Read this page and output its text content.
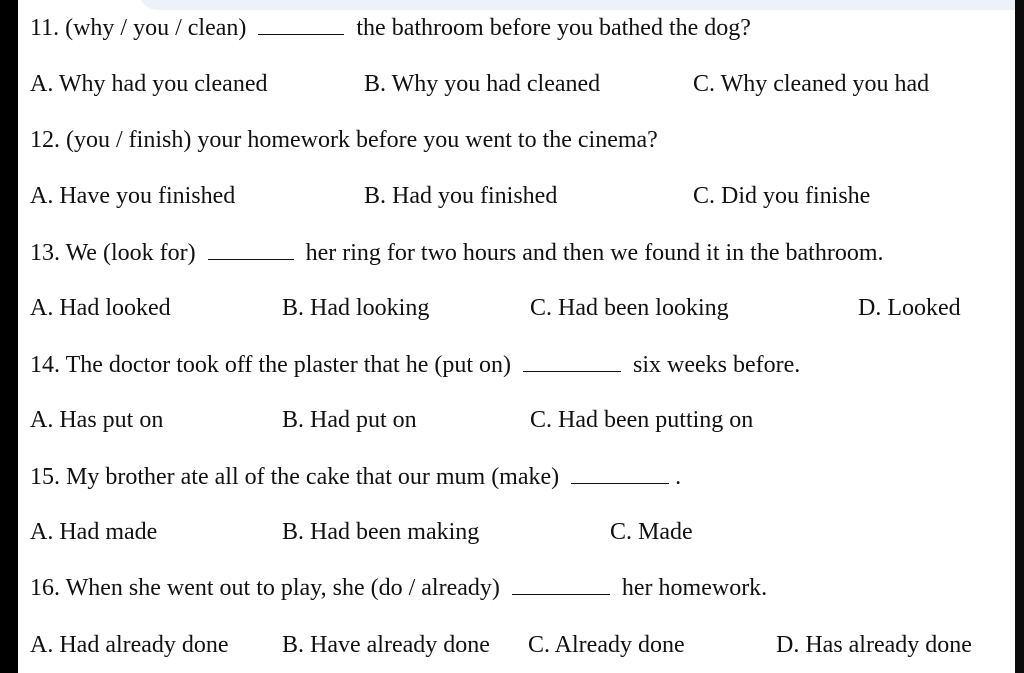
11. (why / you / clean)	the bathroom before you bathed the dog?
A. Why had you cleaned	B. Why you had cleaned	C. Why cleaned you had
12. (you / finish) your homework before you went to the cinema?
A. Have you finished	B. Had you finished	C. Did you finishe
13. We (look for)	her ring for two hours and then we found it in the bathroom.
A. Had looked	B. Had looking	C. Had been looking	D. Looked
14. The doctor took off the plaster that he (put on)	six weeks before.
A. Has put on	B. Had put on	C. Had been putting on
15. My brother ate all of the cake that our mum (make)	.
A. Had made	B. Had been making	C. Made
16. When she went out to play, she (do / already)	her homework.
A. Had already done B. Have already done C. Already done	D. Has already done
